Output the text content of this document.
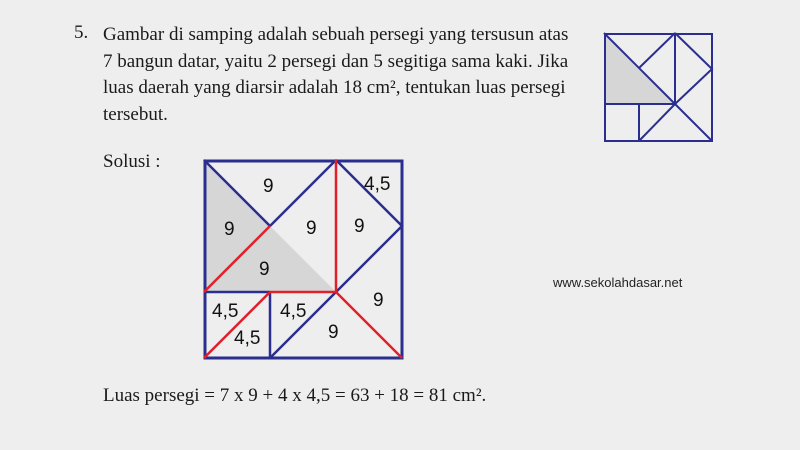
5. Gambar di samping adalah sebuah persegi yang tersusun atas 7 bangun datar, yaitu 2 persegi dan 5 segitiga sama kaki. Jika luas daerah yang diarsir adalah 18 cm², tentukan luas persegi tersebut.
Solusi :
9
9	9
9
4,5
9
9
9
4,5
4,5
4,5
www.sekolahdasar.net
Luas persegi = 7 x 9 + 4 x 4,5 = 63 + 18 = 81 cm².
